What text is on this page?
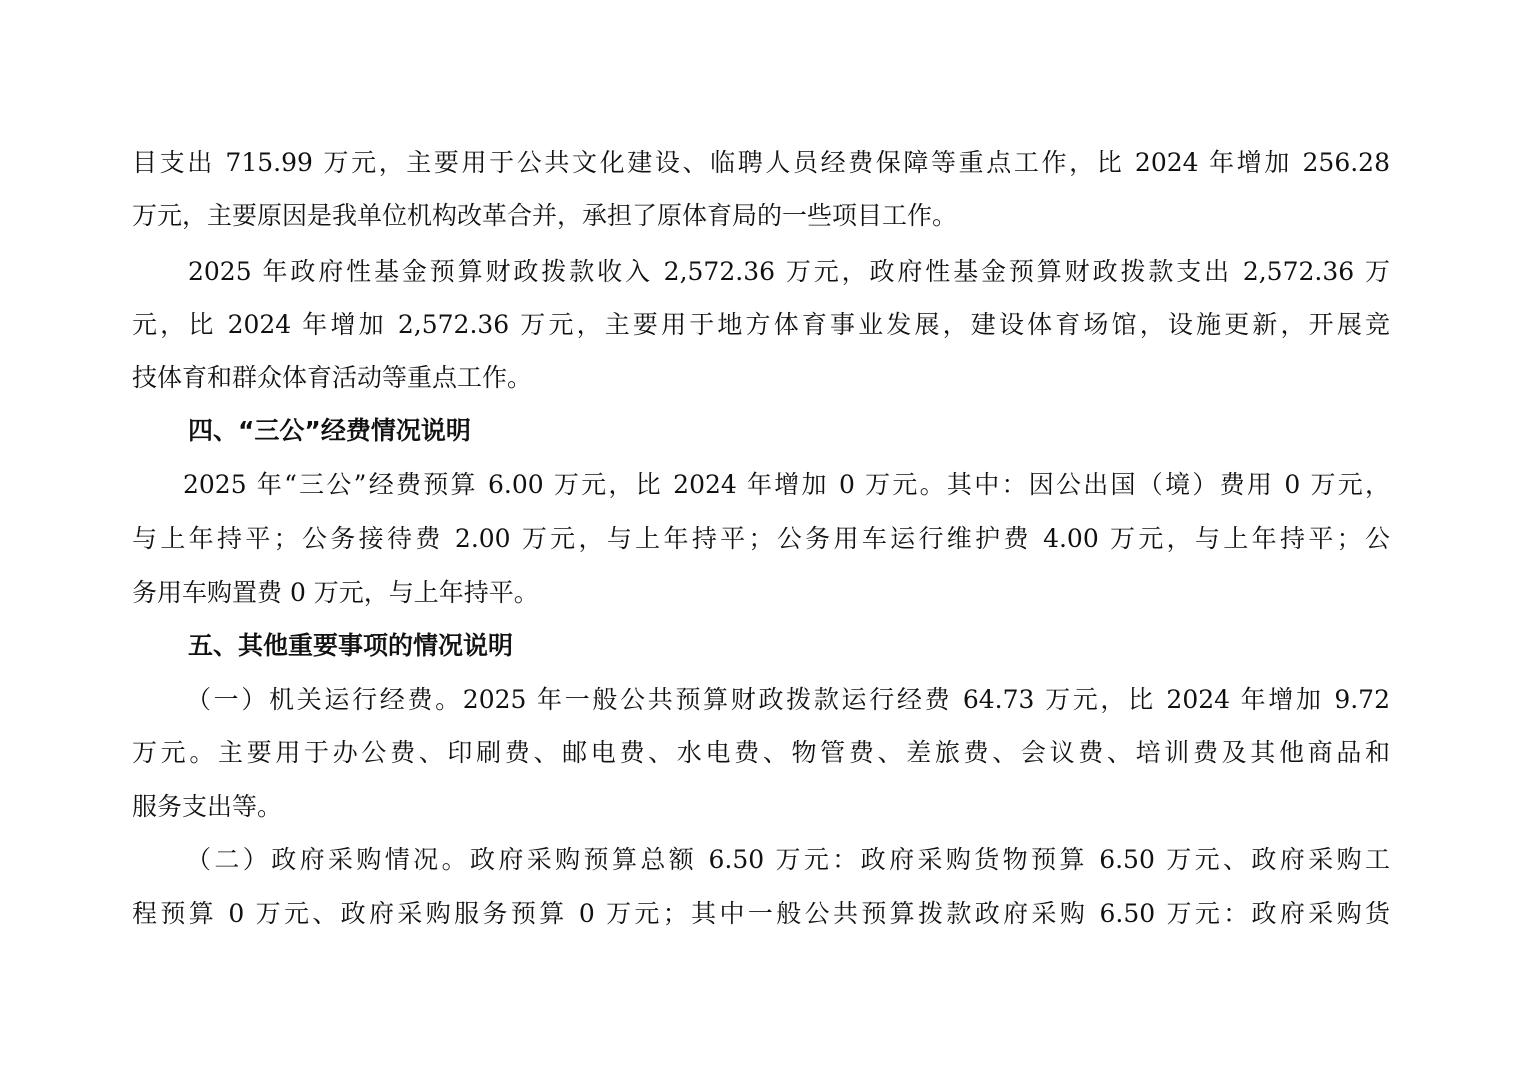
目支出 715.99 万元，主要用于公共文化建设、临聘人员经费保障等重点工作，比 2024 年增加 256.28
万元，主要原因是我单位机构改革合并，承担了原体育局的一些项目工作。
2025 年政府性基金预算财政拨款收入 2,572.36 万元，政府性基金预算财政拨款支出 2,572.36 万
元，比 2024 年增加 2,572.36 万元，主要用于地方体育事业发展，建设体育场馆，设施更新，开展竞
技体育和群众体育活动等重点工作。
四、“三公”经费情况说明
2025 年“三公”经费预算 6.00 万元，比 2024 年增加 0 万元。其中：因公出国（境）费用 0 万元，
与上年持平；公务接待费 2.00 万元，与上年持平；公务用车运行维护费 4.00 万元，与上年持平；公
务用车购置费 0 万元，与上年持平。
五、其他重要事项的情况说明
（一）机关运行经费。2025 年一般公共预算财政拨款运行经费 64.73 万元，比 2024 年增加 9.72
万元。主要用于办公费、印刷费、邮电费、水电费、物管费、差旅费、会议费、培训费及其他商品和
服务支出等。
（二）政府采购情况。政府采购预算总额 6.50 万元：政府采购货物预算 6.50 万元、政府采购工
程预算 0 万元、政府采购服务预算 0 万元；其中一般公共预算拨款政府采购 6.50 万元：政府采购货
